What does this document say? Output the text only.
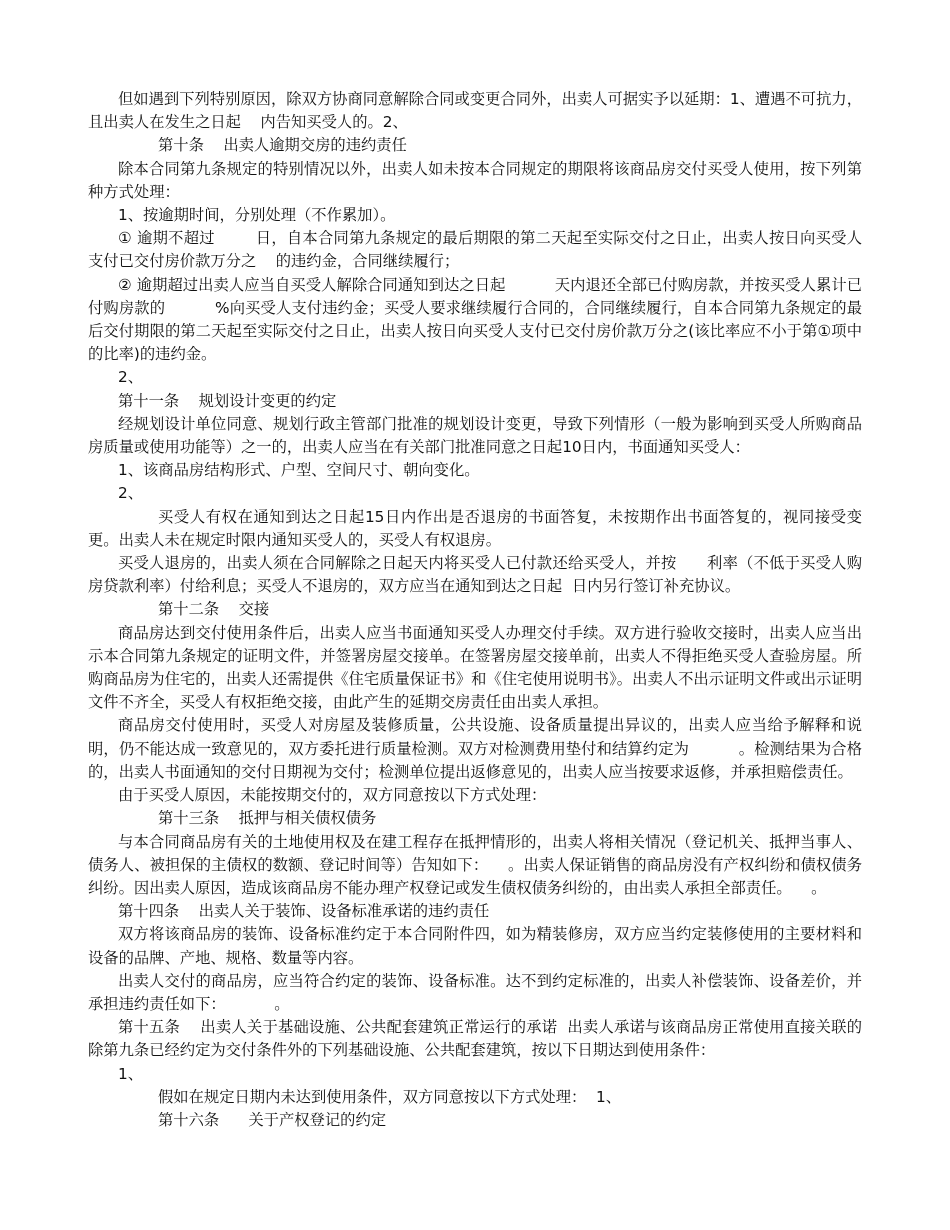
但如遇到下列特别原因，除双方协商同意解除合同或变更合同外，出卖人可据实予以延期：1、遭遇不可抗力，且出卖人在发生之日起    内告知买受人的。2、

第十条    出卖人逾期交房的违约责任

除本合同第九条规定的特别情况以外，出卖人如未按本合同规定的期限将该商品房交付买受人使用，按下列第          种方式处理：

1、按逾期时间，分别处理（不作累加）。

① 逾期不超过        日，自本合同第九条规定的最后期限的第二天起至实际交付之日止，出卖人按日向买受人支付已交付房价款万分之    的违约金，合同继续履行；

② 逾期超过出卖人应当自买受人解除合同通知到达之日起          天内退还全部已付购房款，并按买受人累计已付购房款的          %向买受人支付违约金；买受人要求继续履行合同的，合同继续履行，自本合同第九条规定的最后交付期限的第二天起至实际交付之日止，出卖人按日向买受人支付已交付房价款万分之(该比率应不小于第①项中的比率)的违约金。

2、

第十一条    规划设计变更的约定

经规划设计单位同意、规划行政主管部门批准的规划设计变更，导致下列情形（一般为影响到买受人所购商品房质量或使用功能等）之一的，出卖人应当在有关部门批准同意之日起10日内，书面通知买受人：

1、该商品房结构形式、户型、空间尺寸、朝向变化。

2、

买受人有权在通知到达之日起15日内作出是否退房的书面答复，未按期作出书面答复的，视同接受变更。出卖人未在规定时限内通知买受人的，买受人有权退房。

买受人退房的，出卖人须在合同解除之日起天内将买受人已付款还给买受人，并按      利率（不低于买受人购房贷款利率）付给利息；买受人不退房的，双方应当在通知到达之日起  日内另行签订补充协议。

第十二条    交接

商品房达到交付使用条件后，出卖人应当书面通知买受人办理交付手续。双方进行验收交接时，出卖人应当出示本合同第九条规定的证明文件，并签署房屋交接单。在签署房屋交接单前，出卖人不得拒绝买受人查验房屋。所购商品房为住宅的，出卖人还需提供《住宅质量保证书》和《住宅使用说明书》。出卖人不出示证明文件或出示证明文件不齐全，买受人有权拒绝交接，由此产生的延期交房责任由出卖人承担。

商品房交付使用时，买受人对房屋及装修质量，公共设施、设备质量提出异议的，出卖人应当给予解释和说明，仍不能达成一致意见的，双方委托进行质量检测。双方对检测费用垫付和结算约定为          。检测结果为合格的，出卖人书面通知的交付日期视为交付；检测单位提出返修意见的，出卖人应当按要求返修，并承担赔偿责任。

由于买受人原因，未能按期交付的，双方同意按以下方式处理：

第十三条    抵押与相关债权债务

与本合同商品房有关的土地使用权及在建工程存在抵押情形的，出卖人将相关情况（登记机关、抵押当事人、债务人、被担保的主债权的数额、登记时间等）告知如下：    。出卖人保证销售的商品房没有产权纠纷和债权债务纠纷。因出卖人原因，造成该商品房不能办理产权登记或发生债权债务纠纷的，由出卖人承担全部责任。    。

第十四条    出卖人关于装饰、设备标准承诺的违约责任

双方将该商品房的装饰、设备标准约定于本合同附件四，如为精装修房，双方应当约定装修使用的主要材料和设备的品牌、产地、规格、数量等内容。

出卖人交付的商品房，应当符合约定的装饰、设备标准。达不到约定标准的，出卖人补偿装饰、设备差价，并承担违约责任如下：          。

第十五条    出卖人关于基础设施、公共配套建筑正常运行的承诺  出卖人承诺与该商品房正常使用直接关联的除第九条已经约定为交付条件外的下列基础设施、公共配套建筑，按以下日期达到使用条件：

1、

假如在规定日期内未达到使用条件，双方同意按以下方式处理：  1、

第十六条      关于产权登记的约定
